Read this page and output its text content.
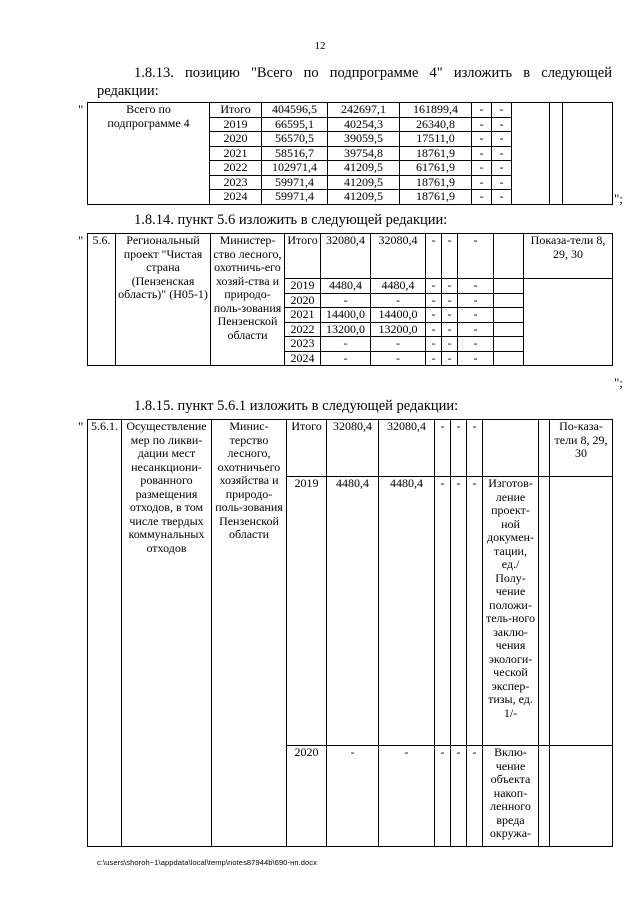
12
1.8.13. позицию "Всего по подпрограмме 4" изложить в следующей
редакции:
"	Всего по подпрограмме 4	Итого	404596,5	242697,1	161899,4	-	-			
	2019	66595,1	40254,3	26340,8	-	-			
	2020	56570,5	39059,5	17511,0	-	-			
	2021	58516,7	39754,8	18761,9	-	-			
	2022	102971,4	41209,5	61761,9	-	-			
	2023	59971,4	41209,5	18761,9	-	-			
	2024	59971,4	41209,5	18761,9	-	-				";
1.8.14. пункт 5.6 изложить в следующей редакции:
" 5.6.	Региональный проект "Чистая страна (Пензенская область)" (Н05-1)	Министер-ство лесного, охотничь-его хозяй-ства и природо-поль-зования Пензенской области	Итого	32080,4	32080,4	-	-	-		Показа-тели 8, 29, 30
			2019	4480,4	4480,4	-	-	-		
			2020	-	-	-	-	-		
			2021	14400,0	14400,0	-	-	-		
			2022	13200,0	13200,0	-	-	-		
			2023	-	-	-	-	-		
			2024	-	-	-	-	-		
";
1.8.15. пункт 5.6.1 изложить в следующей редакции:
" 5.6.1.	Осуществление мер по ликви-дации мест несанкциони-рованного размещения отходов, в том числе твердых коммунальных отходов	Минис-терство лесного, охотничьего хозяйства и природо-поль-зования Пензенской области	Итого	32080,4	32080,4	-	-	-			По-каза-тели 8, 29, 30
			2019	4480,4	4480,4	-	-	-	Изготов-ление проект-ной докумен-тации, ед./ Полу-чение положи-тель-ного заклю-чения экологи-ческой экспер-тизы, ед. 1/-		
			2020	-	-	-	-	-	Вклю-чение объекта накоп-ленного вреда окружа-		
c:\users\shoroh~1\appdata\local\temp\notes87944b\690-нп.docx
